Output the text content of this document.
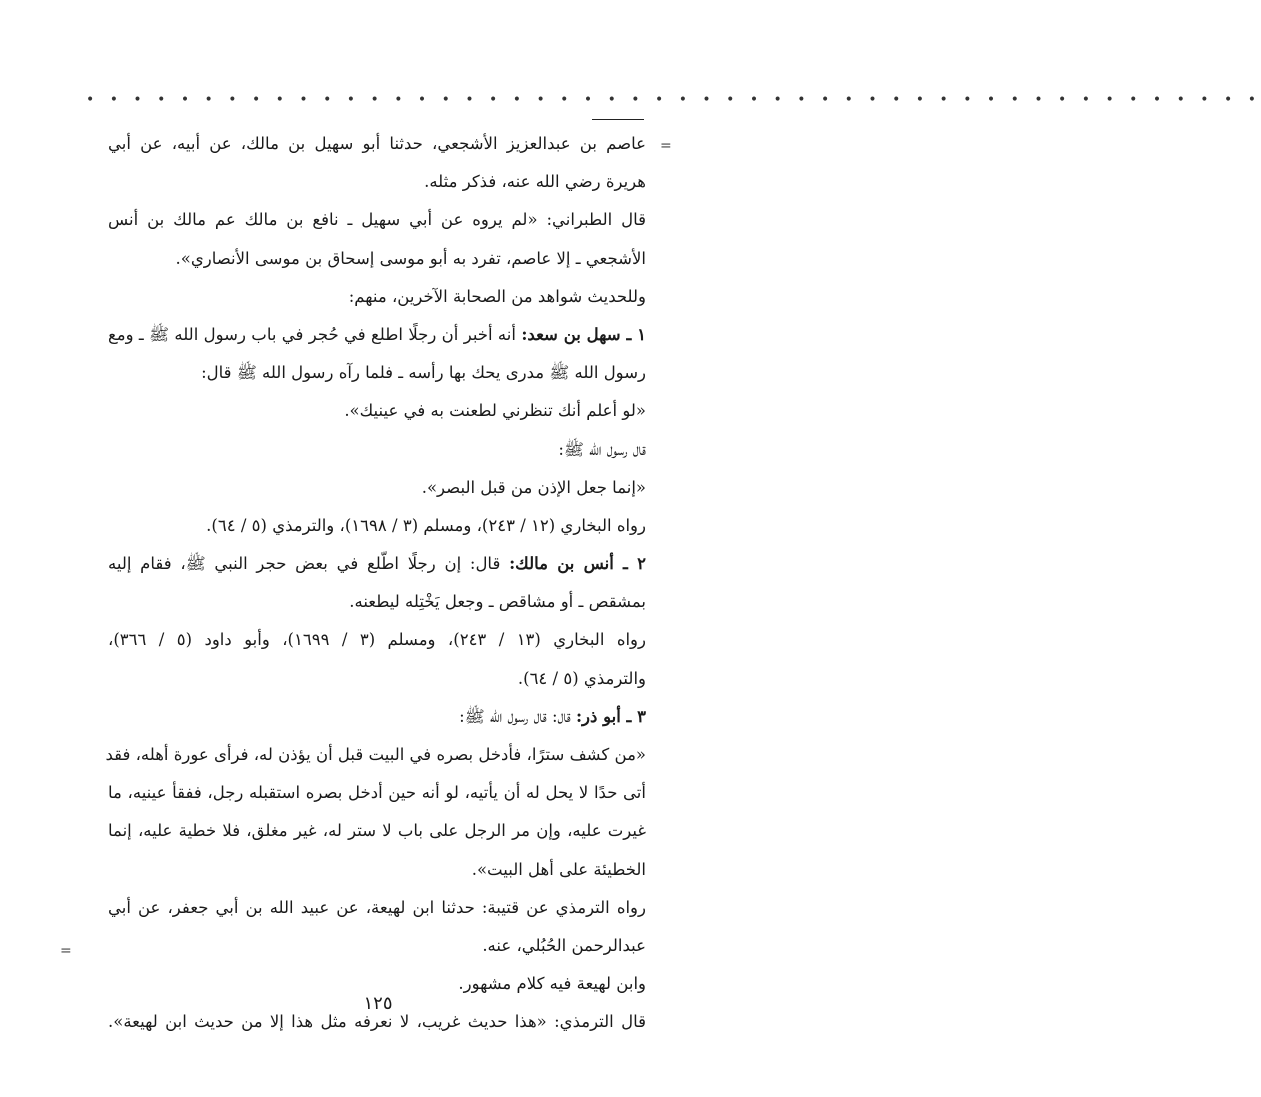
• • • • • • • • • • • • • • • • • • • • • • • • • • • • • • • • • • • • • • • • • • • • • • • • • •
=
=
عاصم بن عبدالعزيز الأشجعي، حدثنا أبو سهيل بن مالك، عن أبيه، عن أبي
هريرة رضي الله عنه، فذكر مثله.
قال الطبراني: «لم يروه عن أبي سهيل ـ نافع بن مالك عم مالك بن أنس
الأشجعي ـ إلا عاصم، تفرد به أبو موسى إسحاق بن موسى الأنصاري».
وللحديث شواهد من الصحابة الآخرين، منهم:
١ ـ سهل بن سعد: أنه أخبر أن رجلًا اطلع في حُجر في باب رسول الله ﷺ ـ ومع
رسول الله ﷺ مدرى يحك بها رأسه ـ فلما رآه رسول الله ﷺ قال:
«لو أعلم أنك تنظرني لطعنت به في عينيك».
قال رسول الله ﷺ:
«إنما جعل الإذن من قبل البصر».
رواه البخاري (١٢ / ٢٤٣)، ومسلم (٣ / ١٦٩٨)، والترمذي (٥ / ٦٤).
٢ ـ أنس بن مالك: قال: إن رجلًا اطّلع في بعض حجر النبي ﷺ، فقام إليه
بمشقص ـ أو مشاقص ـ وجعل يَخْتِله ليطعنه.
رواه البخاري (١٣ / ٢٤٣)، ومسلم (٣ / ١٦٩٩)، وأبو داود (٥ / ٣٦٦)،
والترمذي (٥ / ٦٤).
٣ ـ أبو ذر: قال: قال رسول الله ﷺ:
«من كشف سترًا، فأدخل بصره في البيت قبل أن يؤذن له، فرأى عورة أهله، فقد
أتى حدًا لا يحل له أن يأتيه، لو أنه حين أدخل بصره استقبله رجل، ففقأ عينيه، ما
غيرت عليه، وإن مر الرجل على باب لا ستر له، غير مغلق، فلا خطية عليه، إنما
الخطيئة على أهل البيت».
رواه الترمذي عن قتيبة: حدثنا ابن لهيعة، عن عبيد الله بن أبي جعفر، عن أبي
عبدالرحمن الحُبُلي، عنه.
وابن لهيعة فيه كلام مشهور.
قال الترمذي: «هذا حديث غريب، لا نعرفه مثل هذا إلا من حديث ابن لهيعة».
١٢٥
